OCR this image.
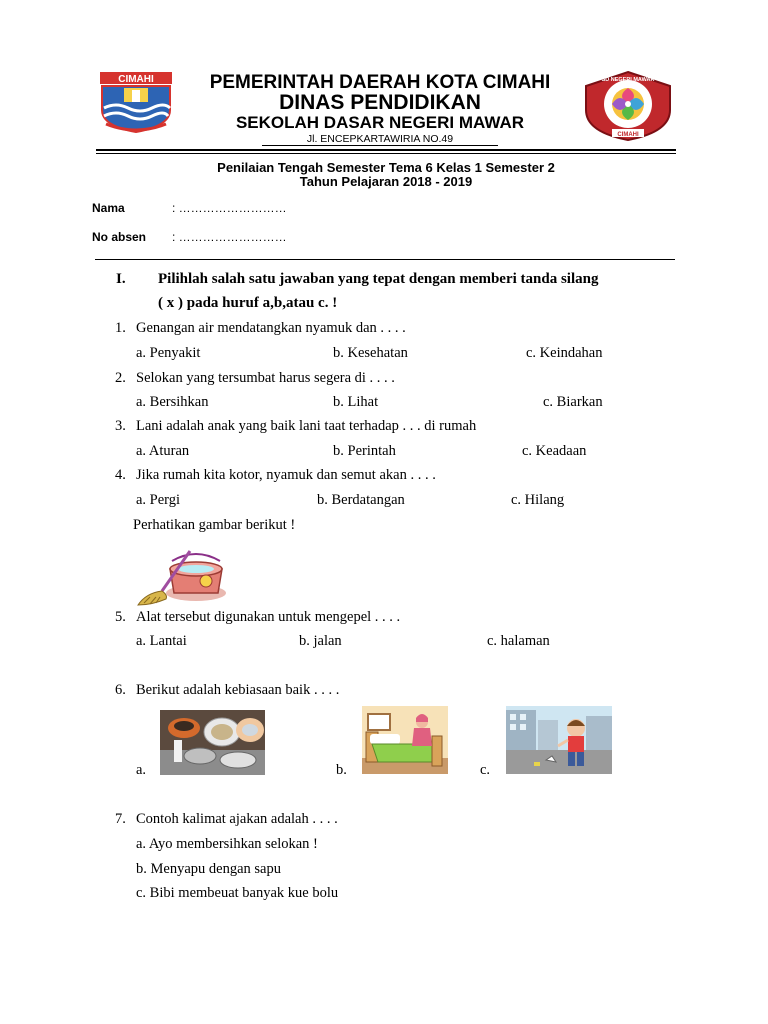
CIMAHI	PEMERINTAH DAERAH KOTA CIMAHI
DINAS PENDIDIKAN
SEKOLAH DASAR NEGERI MAWAR
Jl. ENCEPKARTAWIRIA NO.49	CIMAHI
SD NEGERI MAWAR
Penilaian Tengah Semester Tema 6 Kelas 1 Semester 2
Tahun Pelajaran 2018 - 2019
Nama	: ………………………
No absen : ………………………
I. Pilihlah salah satu jawaban yang tepat dengan memberi tanda silang
( x ) pada huruf a,b,atau c. !
1. Genangan air mendatangkan nyamuk dan . . . .
a. Penyakit	b. Kesehatan	c. Keindahan
2. Selokan yang tersumbat harus segera di . . . .
a. Bersihkan	b. Lihat	c. Biarkan
3. Lani adalah anak yang baik lani taat terhadap . . . di rumah
a. Aturan	b. Perintah	c. Keadaan
4. Jika rumah kita kotor, nyamuk dan semut akan . . . .
a. Pergi	b. Berdatangan	c. Hilang
Perhatikan gambar berikut !
5. Alat tersebut digunakan untuk mengepel . . . .
a. Lantai	b. jalan	c. halaman
6. Berikut adalah kebiasaan baik . . . .
a.	b.	c.
7. Contoh kalimat ajakan adalah . . . .
a. Ayo membersihkan selokan !
b. Menyapu dengan sapu
c. Bibi membeuat banyak kue bolu
